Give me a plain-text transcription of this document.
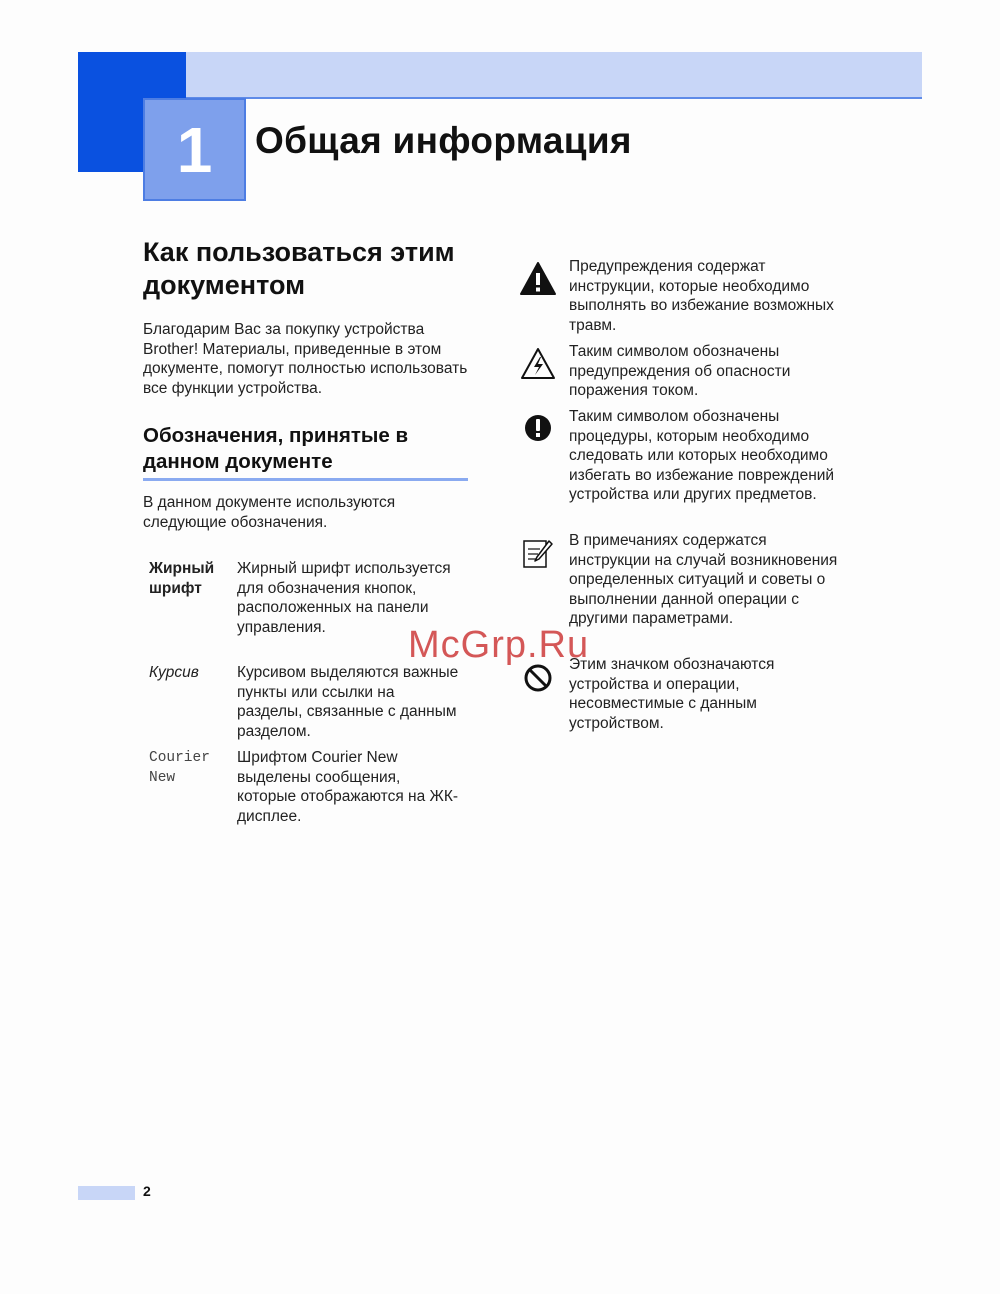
1 Общая информация
Как пользоваться этим документом
Благодарим Вас за покупку устройства Brother! Материалы, приведенные в этом документе, помогут полностью использовать все функции устройства.
Обозначения, принятые в данном документе
В данном документе используются следующие обозначения.
Жирный шрифт
Жирный шрифт используется для обозначения кнопок, расположенных на панели управления.
Курсив	Курсивом выделяются важные пункты или ссылки на разделы, связанные с данным разделом.
Courier New
Шрифтом Courier New выделены сообщения, которые отображаются на ЖК-дисплее.
Предупреждения содержат инструкции, которые необходимо выполнять во избежание возможных травм.
Таким символом обозначены предупреждения об опасности поражения током.
Таким символом обозначены процедуры, которым необходимо следовать или которых необходимо избегать во избежание повреждений устройства или других предметов.
В примечаниях содержатся инструкции на случай возникновения определенных ситуаций и советы о выполнении данной операции с другими параметрами.
Этим значком обозначаются устройства и операции, несовместимые с данным устройством.
McGrp.Ru
2
